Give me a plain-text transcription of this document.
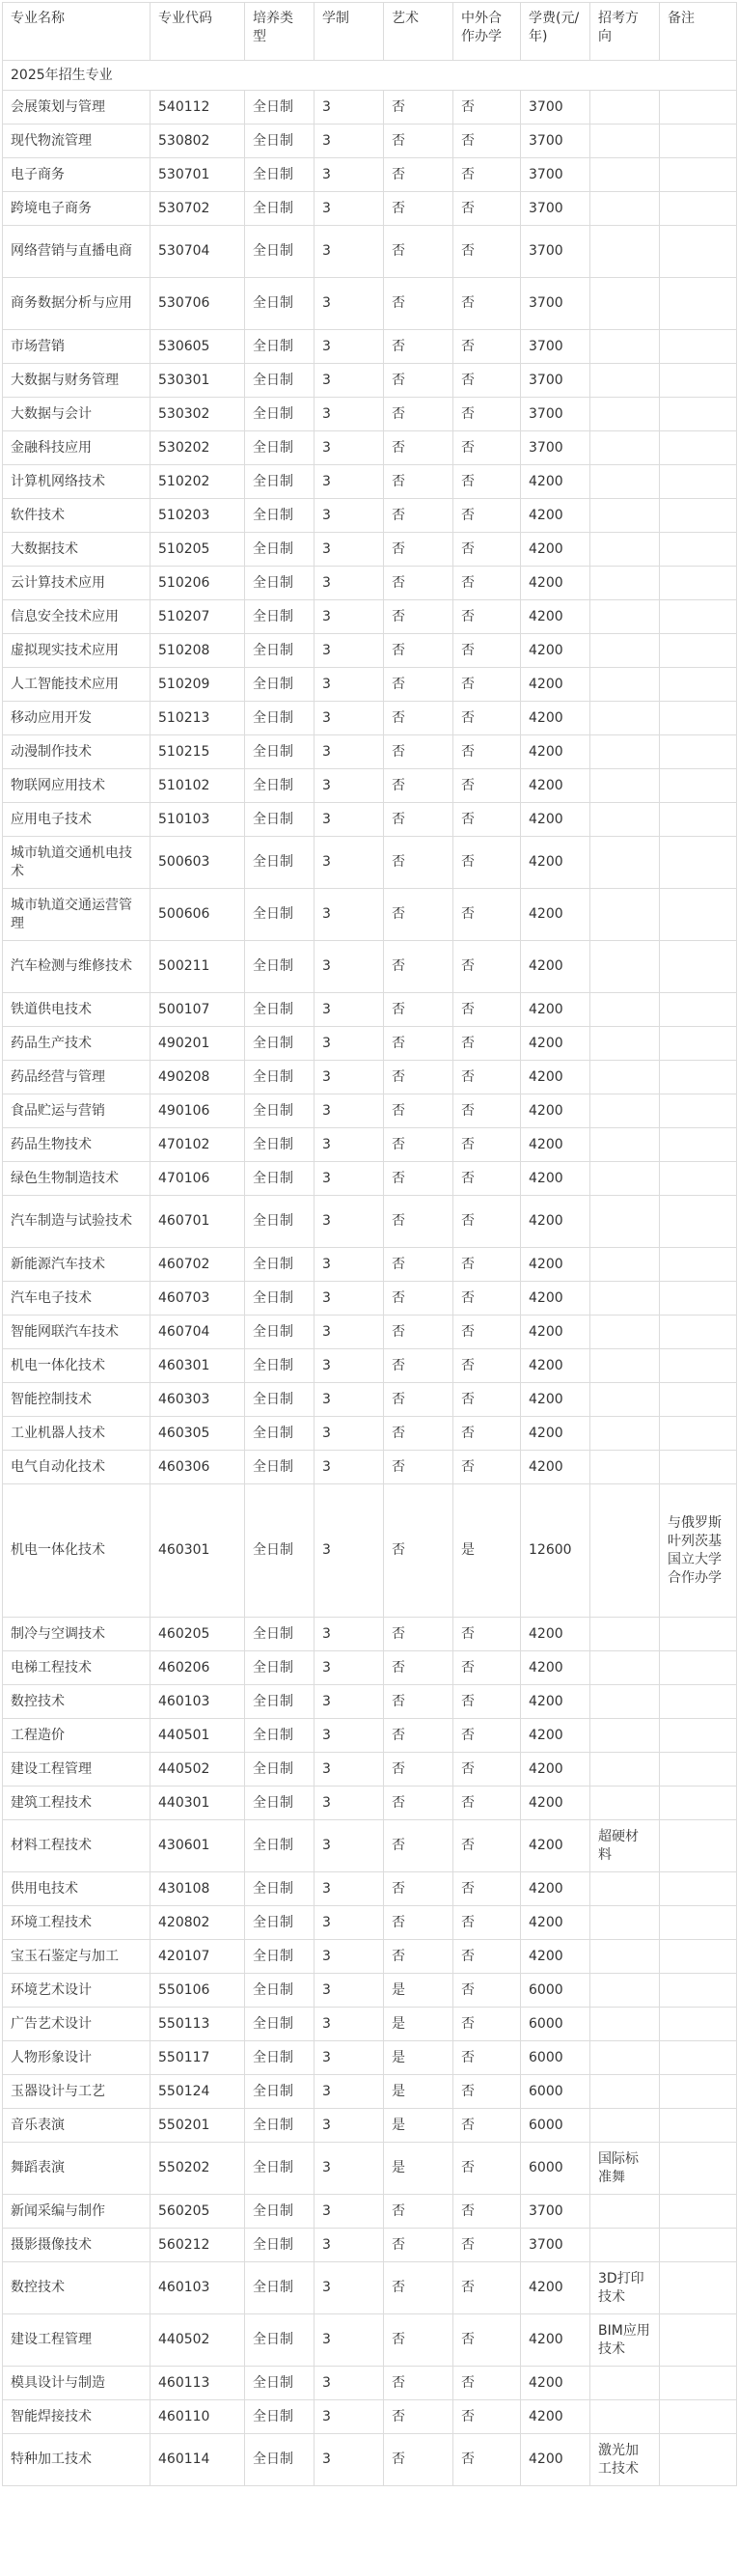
2025年招生专业								
专业名称	专业代码	培养类型	学制	艺术	中外合作办学	学费(元/年)	招考方向	备注
会展策划与管理	540112	全日制	3	否	否	3700		
现代物流管理	530802	全日制	3	否	否	3700		
电子商务	530701	全日制	3	否	否	3700		
跨境电子商务	530702	全日制	3	否	否	3700		
网络营销与直播电商	530704	全日制	3	否	否	3700		
商务数据分析与应用	530706	全日制	3	否	否	3700		
市场营销	530605	全日制	3	否	否	3700		
大数据与财务管理	530301	全日制	3	否	否	3700		
大数据与会计	530302	全日制	3	否	否	3700		
金融科技应用	530202	全日制	3	否	否	3700		
计算机网络技术	510202	全日制	3	否	否	4200		
软件技术	510203	全日制	3	否	否	4200		
大数据技术	510205	全日制	3	否	否	4200		
云计算技术应用	510206	全日制	3	否	否	4200		
信息安全技术应用	510207	全日制	3	否	否	4200		
虚拟现实技术应用	510208	全日制	3	否	否	4200		
人工智能技术应用	510209	全日制	3	否	否	4200		
移动应用开发	510213	全日制	3	否	否	4200		
动漫制作技术	510215	全日制	3	否	否	4200		
物联网应用技术	510102	全日制	3	否	否	4200		
应用电子技术	510103	全日制	3	否	否	4200		
城市轨道交通机电技术	500603	全日制	3	否	否	4200		
城市轨道交通运营管理	500606	全日制	3	否	否	4200		
汽车检测与维修技术	500211	全日制	3	否	否	4200		
铁道供电技术	500107	全日制	3	否	否	4200		
药品生产技术	490201	全日制	3	否	否	4200		
药品经营与管理	490208	全日制	3	否	否	4200		
食品贮运与营销	490106	全日制	3	否	否	4200		
药品生物技术	470102	全日制	3	否	否	4200		
绿色生物制造技术	470106	全日制	3	否	否	4200		
汽车制造与试验技术	460701	全日制	3	否	否	4200		
新能源汽车技术	460702	全日制	3	否	否	4200		
汽车电子技术	460703	全日制	3	否	否	4200		
智能网联汽车技术	460704	全日制	3	否	否	4200		
机电一体化技术	460301	全日制	3	否	否	4200		
智能控制技术	460303	全日制	3	否	否	4200		
工业机器人技术	460305	全日制	3	否	否	4200		
电气自动化技术	460306	全日制	3	否	否	4200		
机电一体化技术	460301	全日制	3	否	是	12600		与俄罗斯叶列茨基国立大学合作办学
制冷与空调技术	460205	全日制	3	否	否	4200		
电梯工程技术	460206	全日制	3	否	否	4200		
数控技术	460103	全日制	3	否	否	4200		
工程造价	440501	全日制	3	否	否	4200		
建设工程管理	440502	全日制	3	否	否	4200		
建筑工程技术	440301	全日制	3	否	否	4200		
材料工程技术	430601	全日制	3	否	否	4200	超硬材料	
供用电技术	430108	全日制	3	否	否	4200		
环境工程技术	420802	全日制	3	否	否	4200		
宝玉石鉴定与加工	420107	全日制	3	否	否	4200		
环境艺术设计	550106	全日制	3	是	否	6000		
广告艺术设计	550113	全日制	3	是	否	6000		
人物形象设计	550117	全日制	3	是	否	6000		
玉器设计与工艺	550124	全日制	3	是	否	6000		
音乐表演	550201	全日制	3	是	否	6000		
舞蹈表演	550202	全日制	3	是	否	6000	国际标准舞	
新闻采编与制作	560205	全日制	3	否	否	3700		
摄影摄像技术	560212	全日制	3	否	否	3700		
数控技术	460103	全日制	3	否	否	4200	3D打印技术	
建设工程管理	440502	全日制	3	否	否	4200	BIM应用技术	
模具设计与制造	460113	全日制	3	否	否	4200		
智能焊接技术	460110	全日制	3	否	否	4200		
特种加工技术	460114	全日制	3	否	否	4200	激光加工技术	
